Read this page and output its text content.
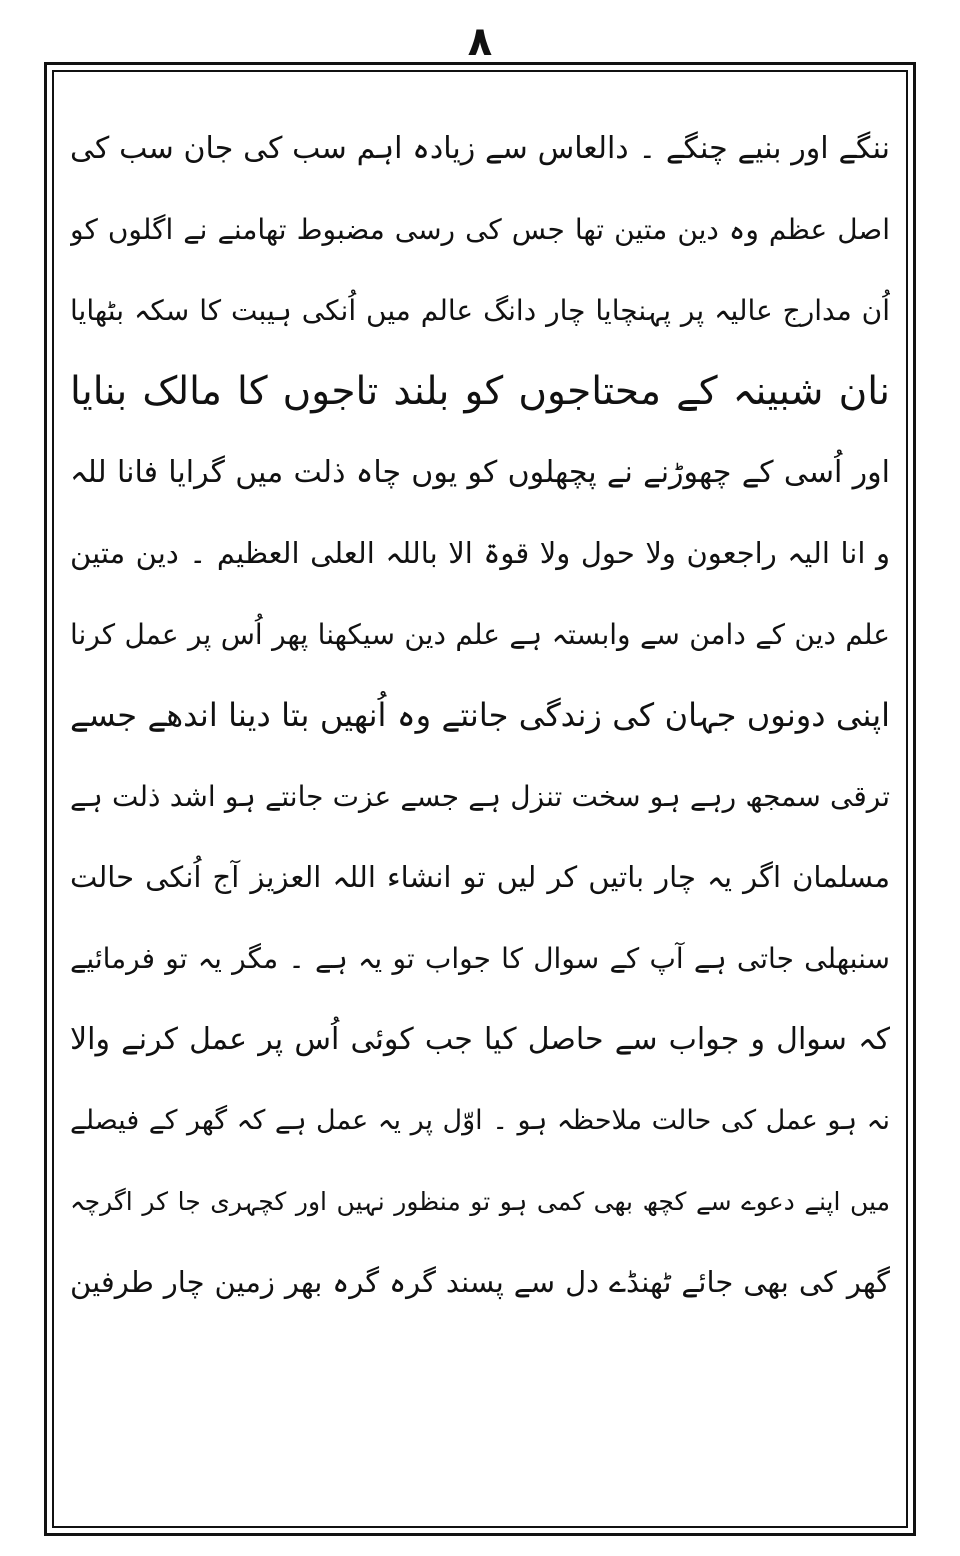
۸
ننگے اور بنیے چنگے ۔ دالعاس سے زیادہ اہم سب کی جان سب کی
اصل عظم وہ دین متین تھا جس کی رسی مضبوط تھامنے نے اگلوں کو
اُن مدارج عالیہ پر پہنچایا چار دانگ عالم میں اُنکی ہیبت کا سکہ بٹھایا
نان شبینہ کے محتاجوں کو بلند تاجوں کا مالک بنایا
اور اُسی کے چھوڑنے نے پچھلوں کو یوں چاہ ذلت میں گرایا فانا للہ
و انا الیہ راجعون ولا حول ولا قوۃ الا باللہ العلی العظیم ۔ دین متین
علم دین کے دامن سے وابستہ ہے علم دین سیکھنا پھر اُس پر عمل کرنا
اپنی دونوں جہان کی زندگی جانتے وہ اُنھیں بتا دینا اندھے جسے
ترقی سمجھ رہے ہو سخت تنزل ہے جسے عزت جانتے ہو اشد ذلت ہے
مسلمان اگر یہ چار باتیں کر لیں تو انشاء اللہ العزیز آج اُنکی حالت
سنبھلی جاتی ہے آپ کے سوال کا جواب تو یہ ہے ۔ مگر یہ تو فرمائیے
کہ سوال و جواب سے حاصل کیا جب کوئی اُس پر عمل کرنے والا
نہ ہو عمل کی حالت ملاحظہ ہو ۔ اوّل پر یہ عمل ہے کہ گھر کے فیصلے
میں اپنے دعوے سے کچھ بھی کمی ہو تو منظور نہیں اور کچہری جا کر اگرچہ
گھر کی بھی جائے ٹھنڈے دل سے پسند گرہ گرہ بھر زمین چار طرفین
